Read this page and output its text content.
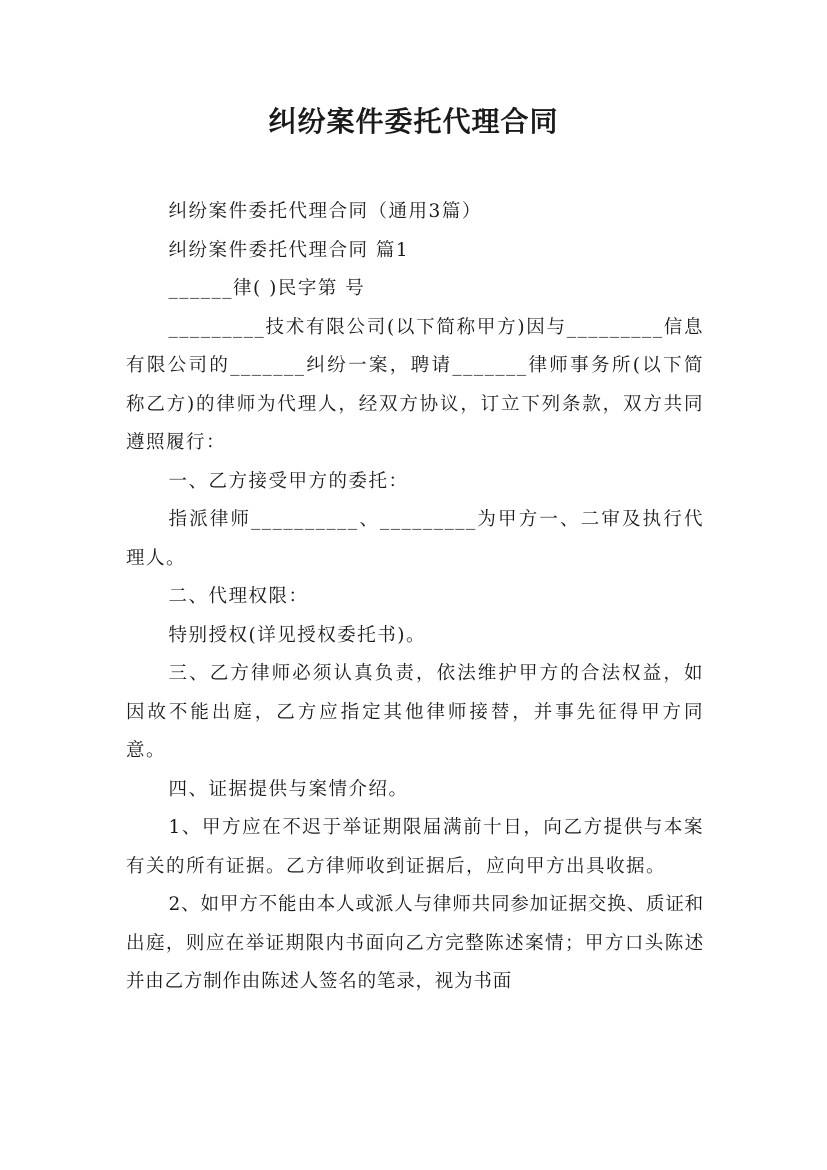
纠纷案件委托代理合同

纠纷案件委托代理合同（通用3篇）

纠纷案件委托代理合同 篇1

______律( )民字第 号

_________技术有限公司(以下简称甲方)因与_________信息有限公司的_______纠纷一案，聘请_______律师事务所(以下简称乙方)的律师为代理人，经双方协议，订立下列条款，双方共同遵照履行：

一、乙方接受甲方的委托：

指派律师__________、_________为甲方一、二审及执行代理人。

二、代理权限：

特别授权(详见授权委托书)。

三、乙方律师必须认真负责，依法维护甲方的合法权益，如因故不能出庭，乙方应指定其他律师接替，并事先征得甲方同意。

四、证据提供与案情介绍。

1、甲方应在不迟于举证期限届满前十日，向乙方提供与本案有关的所有证据。乙方律师收到证据后，应向甲方出具收据。

2、如甲方不能由本人或派人与律师共同参加证据交换、质证和出庭，则应在举证期限内书面向乙方完整陈述案情；甲方口头陈述并由乙方制作由陈述人签名的笔录，视为书面
